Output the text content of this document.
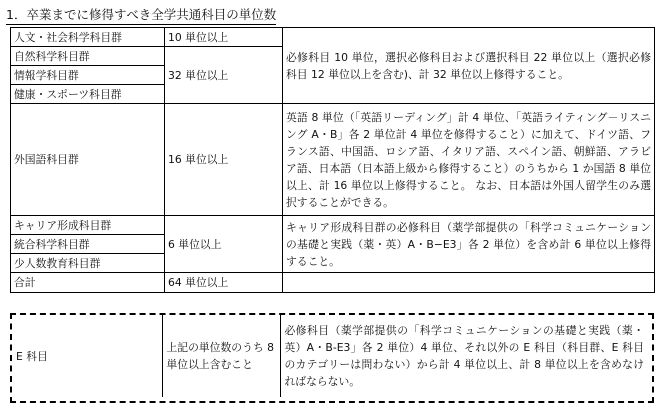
1．卒業までに修得すべき全学共通科目の単位数
人文・社会科学科目群	10 単位以上	必修科目 10 単位，選択必修科目および選択科目 22 単位以上（選択必修科目 12 単位以上を含む)、計 32 単位以上修得すること。
自然科学科目群	32 単位以上	
情報学科目群		
健康・スポーツ科目群		
外国語科目群	16 単位以上	英語 8 単位（「英語リーディング」計 4 単位、「英語ライティング－リスニング A・B」各 2 単位計 4 単位を修得すること）に加えて、ドイツ語、フランス語、中国語、ロシア語、イタリア語、スペイン語、朝鮮語、アラビア語、日本語（日本語上級から修得すること）のうちから 1 か国語 8 単位以上、計 16 単位以上修得すること。 なお、日本語は外国人留学生のみ選択することができる。
キャリア形成科目群	6 単位以上	キャリア形成科目群の必修科目（薬学部提供の「科学コミュニケーションの基礎と実践（薬・英）A・B−E3」各 2 単位）を含め計 6 単位以上修得すること。
統合科学科目群		
少人数教育科目群		
合計	64 単位以上	
E 科目	上記の単位数のうち 8 単位以上含むこと	必修科目（薬学部提供の「科学コミュニケーションの基礎と実践（薬・英）A・B-E3」各 2 単位）4 単位、それ以外の E 科目（科目群、E 科目のカテゴリーは問わない）から計 4 単位以上、計 8 単位以上を含めなければならない。
